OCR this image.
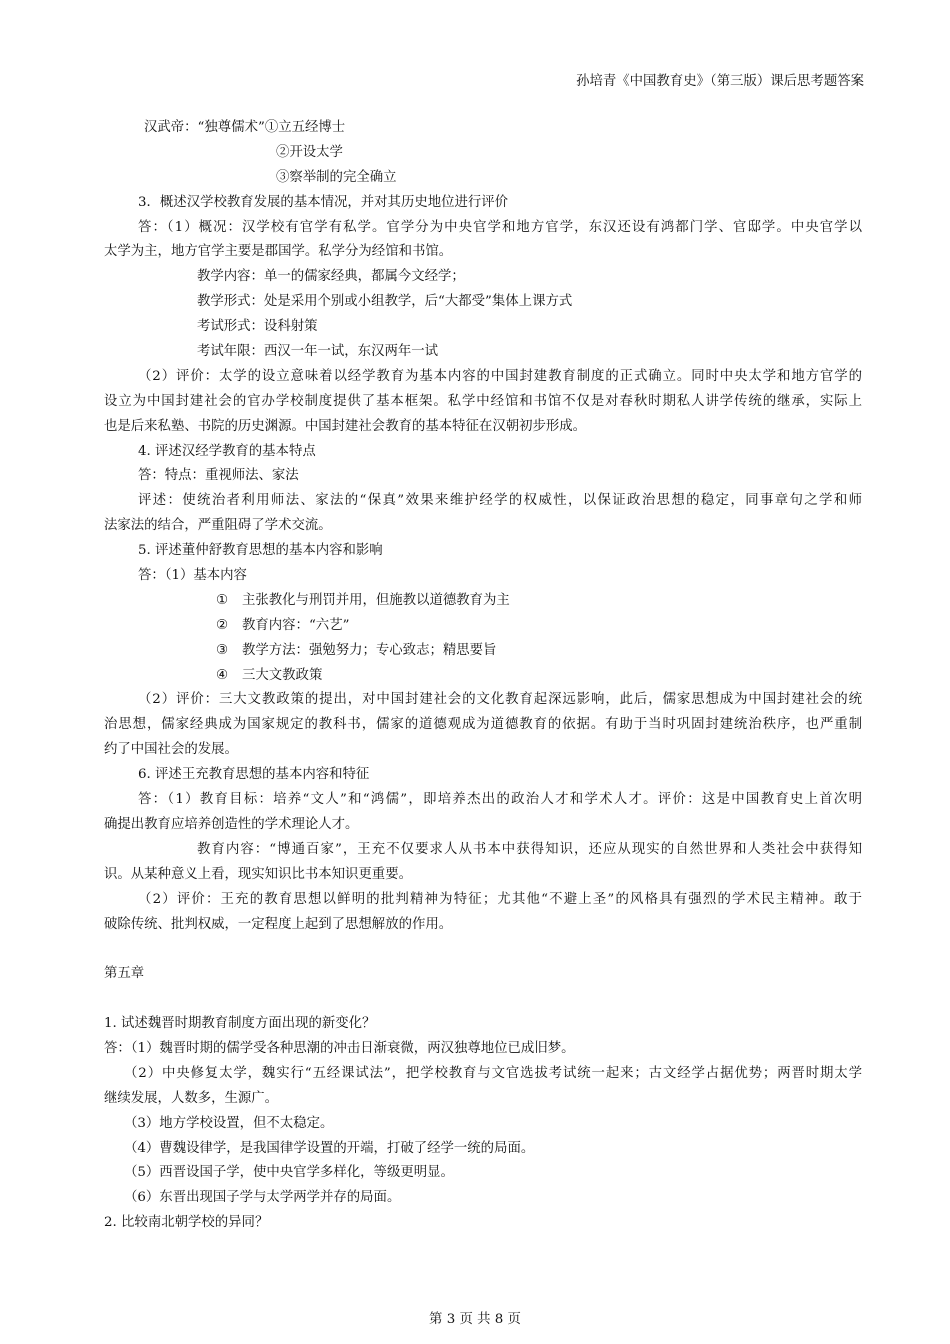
孙培青《中国教育史》（第三版）课后思考题答案
汉武帝：“独尊儒术”①立五经博士
②开设太学
③察举制的完全确立
3．概述汉学校教育发展的基本情况，并对其历史地位进行评价
答：（1）概况：汉学校有官学有私学。官学分为中央官学和地方官学，东汉还设有鸿都门学、官邸学。中央官学以
太学为主，地方官学主要是郡国学。私学分为经馆和书馆。
教学内容：单一的儒家经典，都属今文经学；
教学形式：处是采用个别或小组教学，后“大都受”集体上课方式
考试形式：设科射策
考试年限：西汉一年一试，东汉两年一试
（2）评价：太学的设立意味着以经学教育为基本内容的中国封建教育制度的正式确立。同时中央太学和地方官学的
设立为中国封建社会的官办学校制度提供了基本框架。私学中经馆和书馆不仅是对春秋时期私人讲学传统的继承，实际上
也是后来私塾、书院的历史渊源。中国封建社会教育的基本特征在汉朝初步形成。
4. 评述汉经学教育的基本特点
答：特点：重视师法、家法
评述：使统治者利用师法、家法的“保真”效果来维护经学的权威性，以保证政治思想的稳定，同事章句之学和师
法家法的结合，严重阻碍了学术交流。
5. 评述董仲舒教育思想的基本内容和影响
答：（1）基本内容
① 主张教化与刑罚并用，但施教以道德教育为主
② 教育内容：“六艺”
③ 教学方法：强勉努力；专心致志；精思要旨
④ 三大文教政策
（2）评价：三大文教政策的提出，对中国封建社会的文化教育起深远影响，此后，儒家思想成为中国封建社会的统
治思想，儒家经典成为国家规定的教科书，儒家的道德观成为道德教育的依据。有助于当时巩固封建统治秩序，也严重制
约了中国社会的发展。
6. 评述王充教育思想的基本内容和特征
答：（1）教育目标：培养“文人”和“鸿儒”，即培养杰出的政治人才和学术人才。评价：这是中国教育史上首次明
确提出教育应培养创造性的学术理论人才。
教育内容：“博通百家”，王充不仅要求人从书本中获得知识，还应从现实的自然世界和人类社会中获得知
识。从某种意义上看，现实知识比书本知识更重要。
（2）评价：王充的教育思想以鲜明的批判精神为特征；尤其他“不避上圣”的风格具有强烈的学术民主精神。敢于
破除传统、批判权威，一定程度上起到了思想解放的作用。
第五章
1. 试述魏晋时期教育制度方面出现的新变化？
答：（1）魏晋时期的儒学受各种思潮的冲击日渐衰微，两汉独尊地位已成旧梦。
（2）中央修复太学，魏实行“五经课试法”，把学校教育与文官选拔考试统一起来；古文经学占据优势；两晋时期太学
继续发展，人数多，生源广。
（3）地方学校设置，但不太稳定。
（4）曹魏设律学，是我国律学设置的开端，打破了经学一统的局面。
（5）西晋设国子学，使中央官学多样化，等级更明显。
（6）东晋出现国子学与太学两学并存的局面。
2. 比较南北朝学校的异同？
第 3 页 共 8 页
